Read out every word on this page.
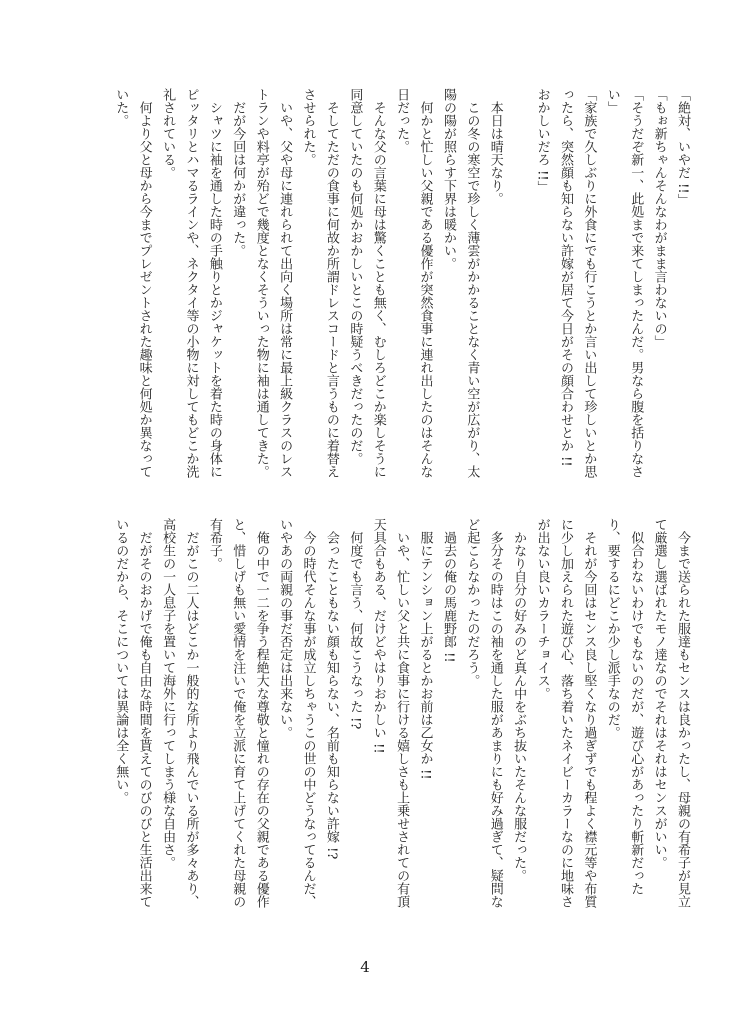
「絶対、いやだ !!」
「もぉ新ちゃんそんなわがまま言わないの」
「そうだぞ新一、此処まで来てしまったんだ。男なら腹を括りなさ
い」
「家族で久しぶりに外食にでも行こうとか言い出して珍しいとか思
ったら、突然顔も知らない許嫁が居て今日がその顔合わせとか !!
おかしいだろ !!」

　本日は晴天なり。
　この冬の寒空で珍しく薄雲がかかることなく青い空が広がり、太
陽の陽が照らす下界は暖かい。
　何かと忙しい父親である優作が突然食事に連れ出したのはそんな
日だった。
　そんな父の言葉に母は驚くことも無く、むしろどこか楽しそうに
同意していたのも何処かおかしいとこの時疑うべきだったのだ。
　そしてただの食事に何故か所謂ドレスコードと言うものに着替え
させられた。
　いや、父や母に連れられて出向く場所は常に最上級クラスのレス
トランや料亭が殆どで幾度となくそういった物に袖は通してきた。
　だが今回は何かが違った。
　シャツに袖を通した時の手触りとかジャケットを着た時の身体に
ピッタリとハマるラインや、ネクタイ等の小物に対してもどこか洗
礼されている。
　何より父と母から今までプレゼントされた趣味と何処か異なって
いた。
　今まで送られた服達もセンスは良かったし、母親の有希子が見立
て厳選し選ばれたモノ達なのでそれはそれはセンスがいい。
　似合わないわけでもないのだが、遊び心があったり斬新だった
り、要するにどこか少し派手なのだ。
　それが今回はセンス良し堅くなり過ぎずでも程よく襟元等や布質
に少し加えられた遊び心、落ち着いたネイビーカラーなのに地味さ
が出ない良いカラーチョイス。
　かなり自分の好みのど真ん中をぶち抜いたそんな服だった。
　多分その時はこの袖を通した服があまりにも好み過ぎて、疑問な
ど起こらなかったのだろう。
　過去の俺の馬鹿野郎 !!
　服にテンション上がるとかお前は乙女か !!
　いや、忙しい父と共に食事に行ける嬉しさも上乗せされての有頂
天具合もある、だけどやはりおかしい !!
　何度でも言う、何故こうなった !?
　会ったこともない顔も知らない、名前も知らない許嫁 !?
　今の時代そんな事が成立しちゃうこの世の中どうなってるんだ、
いやあの両親の事だ否定は出来ない。
　俺の中で一二を争う程絶大な尊敬と憧れの存在の父親である優作
と、惜しげも無い愛情を注いで俺を立派に育て上げてくれた母親の
有希子。
　だがこの二人はどこか一般的な所より飛んでいる所が多々あり、
高校生の一人息子を置いて海外に行ってしまう様な自由さ。
　だがそのおかげで俺も自由な時間を貰えてのびのびと生活出来て
いるのだから、そこについては異論は全く無い。
4
